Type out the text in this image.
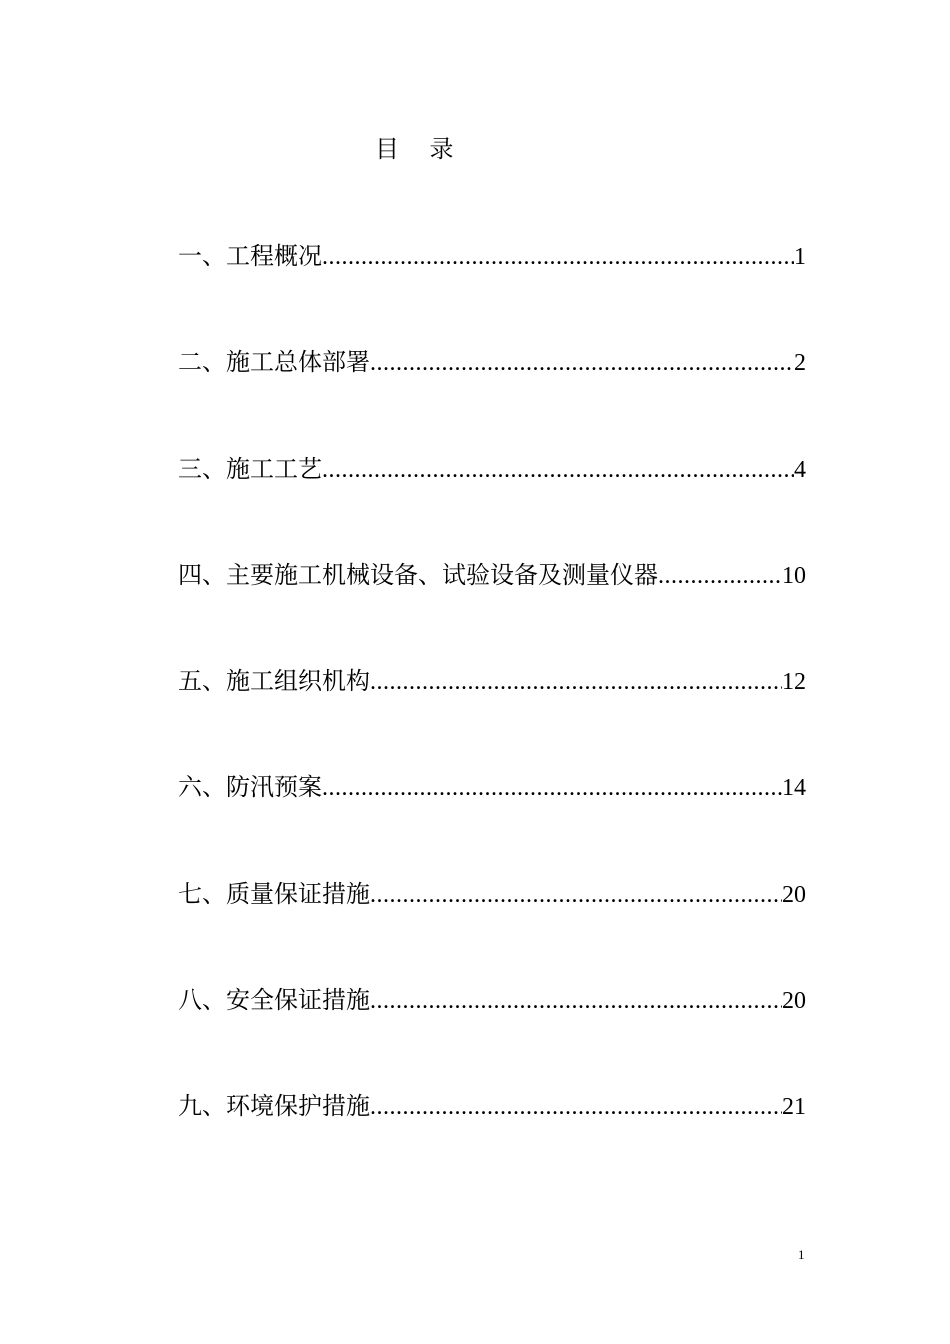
目    录
一、工程概况 .....	1
二、施工总体部署 .....	2
三、施工工艺 .....	4
四、主要施工机械设备、试验设备及测量仪器 .....	10
五、施工组织机构 .....	12
六、防汛预案 .....	14
七、质量保证措施 .....	20
八、安全保证措施 .....	20
九、环境保护措施 .....	21
1
